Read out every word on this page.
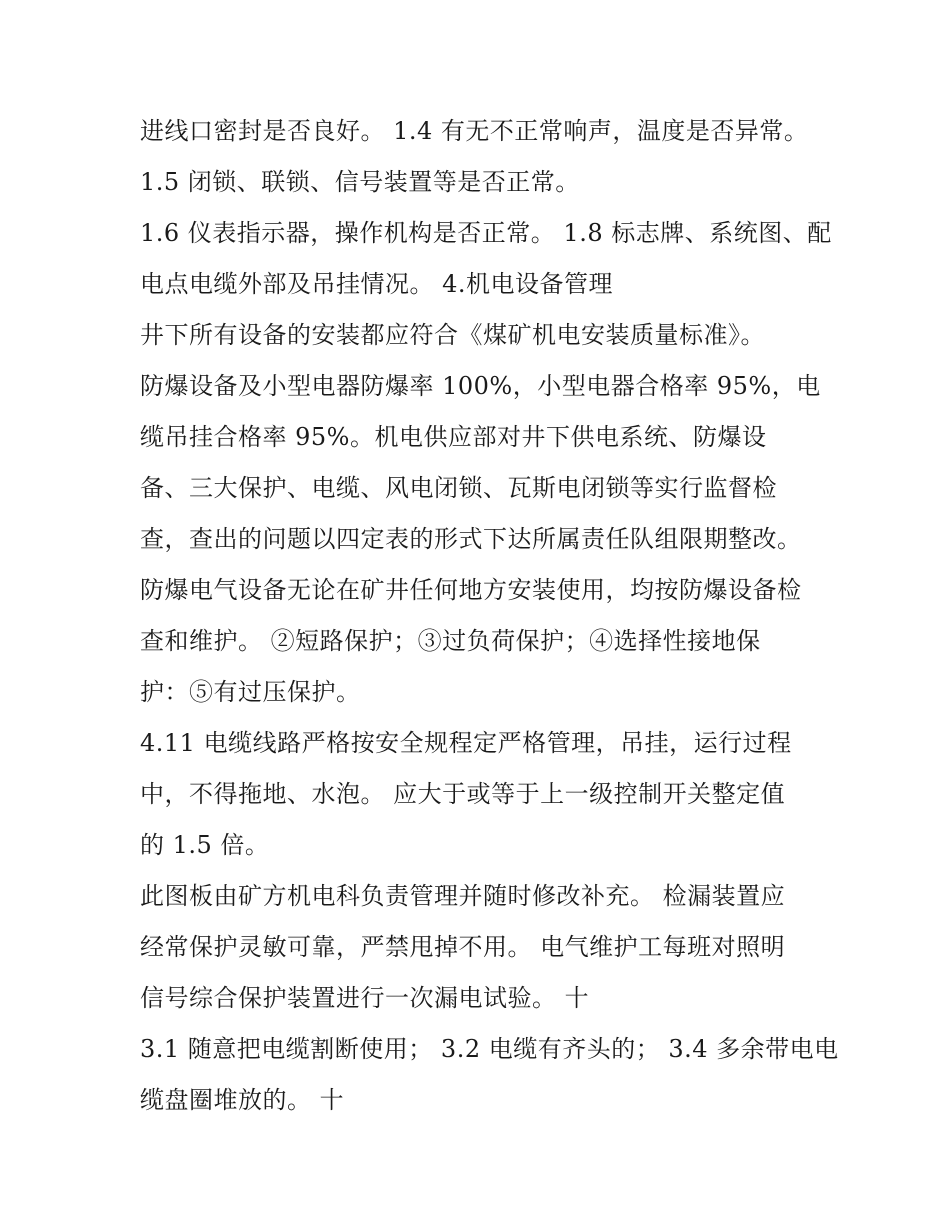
进线口密封是否良好。 1.4 有无不正常响声，温度是否异常。
1.5 闭锁、联锁、信号装置等是否正常。
1.6 仪表指示器，操作机构是否正常。 1.8 标志牌、系统图、配
电点电缆外部及吊挂情况。 4.机电设备管理
井下所有设备的安装都应符合《煤矿机电安装质量标准》。
防爆设备及小型电器防爆率 100%，小型电器合格率 95%，电
缆吊挂合格率 95%。机电供应部对井下供电系统、防爆设
备、三大保护、电缆、风电闭锁、瓦斯电闭锁等实行监督检
查，查出的问题以四定表的形式下达所属责任队组限期整改。
防爆电气设备无论在矿井任何地方安装使用，均按防爆设备检
查和维护。 ②短路保护；③过负荷保护；④选择性接地保
护：⑤有过压保护。
4.11 电缆线路严格按安全规程定严格管理，吊挂，运行过程
中，不得拖地、水泡。 应大于或等于上一级控制开关整定值
的 1.5 倍。
此图板由矿方机电科负责管理并随时修改补充。 检漏装置应
经常保护灵敏可靠，严禁甩掉不用。 电气维护工每班对照明
信号综合保护装置进行一次漏电试验。 十
3.1 随意把电缆割断使用； 3.2 电缆有齐头的； 3.4 多余带电电
缆盘圈堆放的。 十
